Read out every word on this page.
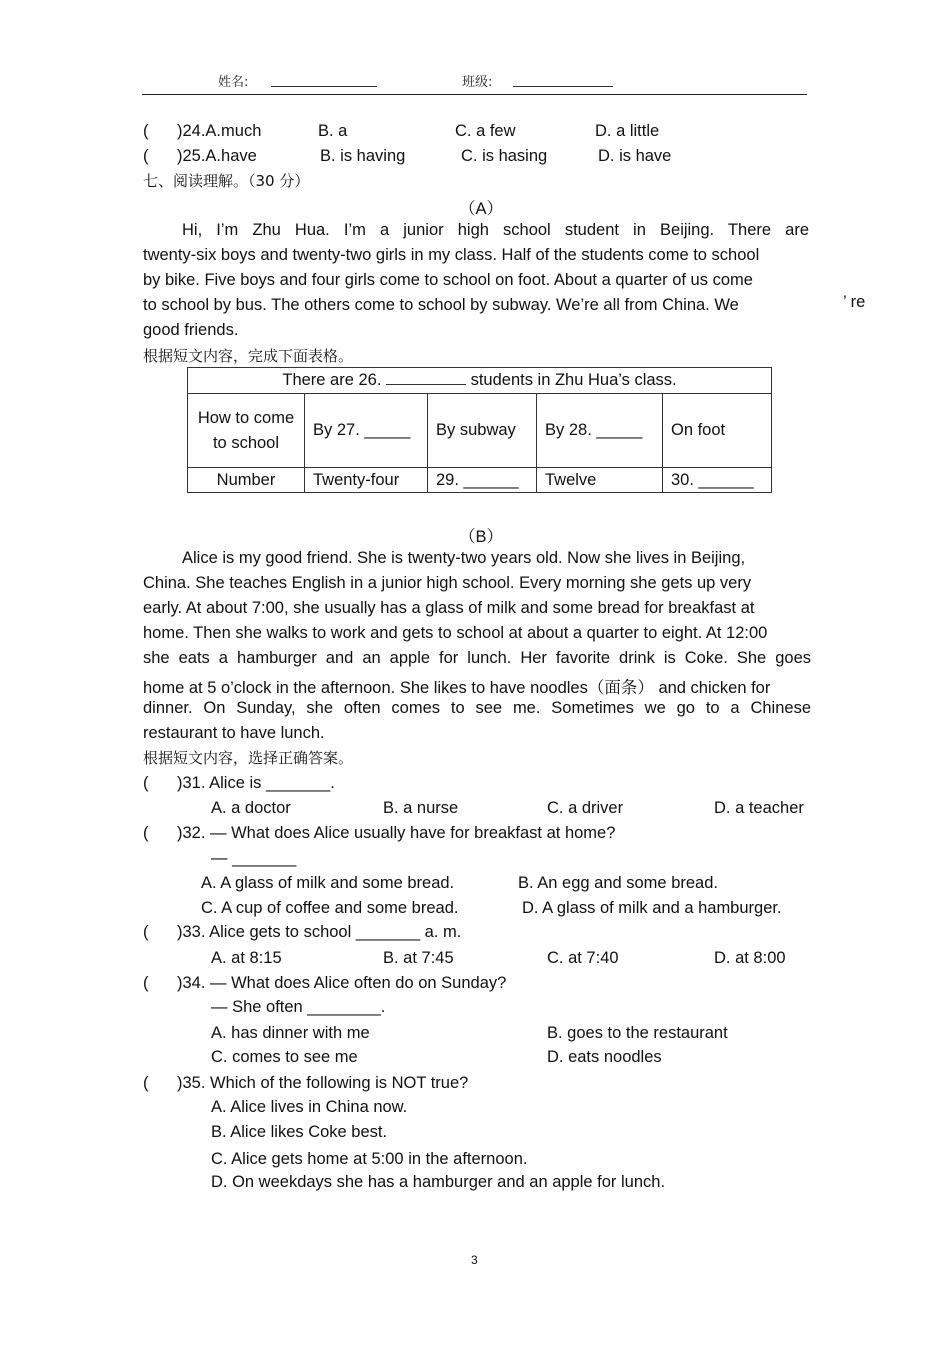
姓名:	班级:
( )24.A.much	B. a	C. a few	D. a little
( )25.A.have	B. is having	C. is hasing	D. is have
七、阅读理解。（30 分）
（A）
Hi, I’m Zhu Hua. I’m a junior high school student in Beijing. There are
twenty-six boys and twenty-two girls in my class. Half of the students come to school
by bike. Five boys and four girls come to school on foot. About a quarter of us come
to school by bus. The others come to school by subway. We’re all from China. We	’ re
good friends.
根据短文内容，完成下面表格。
There are 26. students in Zhu Hua’s class.				
How to come to school	By 27. _____	By subway	By 28. _____	On foot
Number	Twenty-four	29. ______	Twelve	30. ______
（B）
Alice is my good friend. She is twenty-two years old. Now she lives in Beijing,
China. She teaches English in a junior high school. Every morning she gets up very
early. At about 7:00, she usually has a glass of milk and some bread for breakfast at
home. Then she walks to work and gets to school at about a quarter to eight. At 12:00
she eats a hamburger and an apple for lunch. Her favorite drink is Coke. She goes
home at 5 o’clock in the afternoon. She likes to have noodles（面条） and chicken for
dinner. On Sunday, she often comes to see me. Sometimes we go to a Chinese
restaurant to have lunch.
根据短文内容，选择正确答案。
( )31. Alice is _______.
A. a doctor	B. a nurse	C. a driver	D. a teacher
( )32. — What does Alice usually have for breakfast at home?
— _______
A. A glass of milk and some bread.	B. An egg and some bread.
C. A cup of coffee and some bread.	D. A glass of milk and a hamburger.
( )33. Alice gets to school _______ a. m.
A. at 8:15	B. at 7:45	C. at 7:40	D. at 8:00
( )34. — What does Alice often do on Sunday?
— She often ________.
A. has dinner with me	B. goes to the restaurant
C. comes to see me	D. eats noodles
( )35. Which of the following is NOT true?
A. Alice lives in China now.
B. Alice likes Coke best.
C. Alice gets home at 5:00 in the afternoon.
D. On weekdays she has a hamburger and an apple for lunch.
3
